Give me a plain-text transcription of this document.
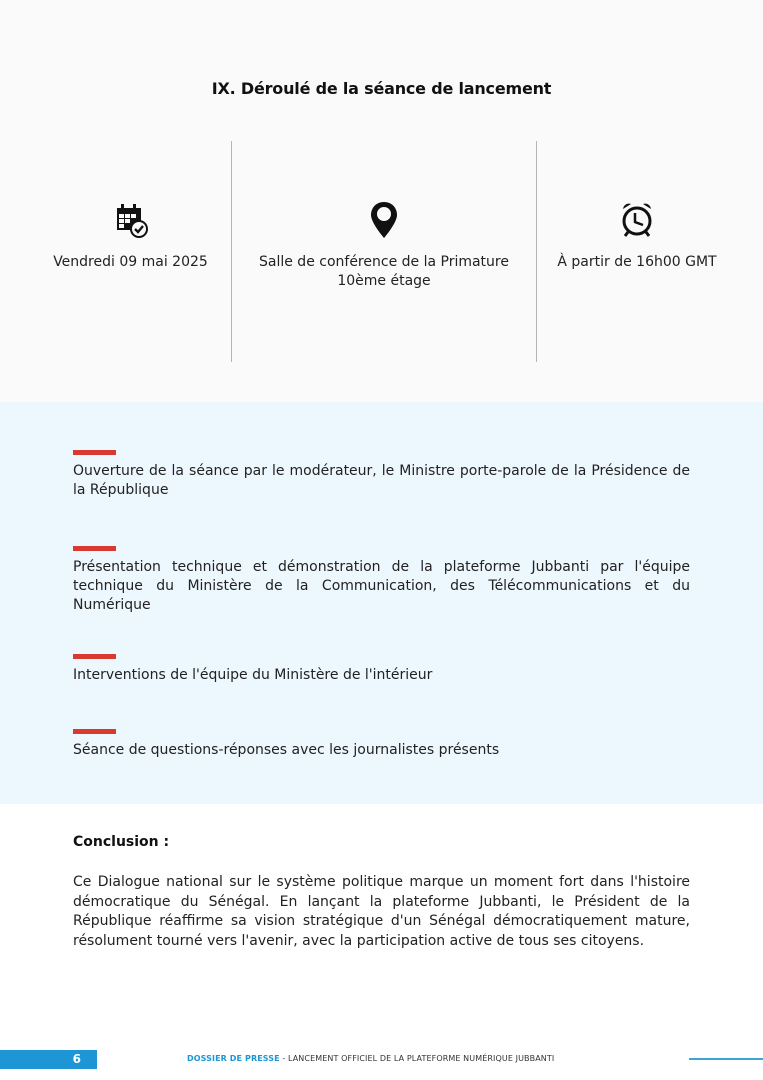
IX. Déroulé de la séance de lancement
Vendredi 09 mai 2025	Salle de conférence de la Primature
10ème étage
À partir de 16h00 GMT
Ouverture de la séance par le modérateur, le Ministre porte-parole de la Présidence de la République
Présentation technique et démonstration de la plateforme Jubbanti par l'équipe technique du Ministère de la Communication, des Télécommunications et du Numérique
Interventions de l'équipe du Ministère de l'intérieur
Séance de questions-réponses avec les journalistes présents
Conclusion :
Ce Dialogue national sur le système politique marque un moment fort dans l'histoire démocratique du Sénégal. En lançant la plateforme Jubbanti, le Président de la République réaffirme sa vision stratégique d'un Sénégal démocratiquement mature, résolument tourné vers l'avenir, avec la participation active de tous ses citoyens.
6	DOSSIER DE PRESSE - LANCEMENT OFFICIEL DE LA PLATEFORME NUMÉRIQUE JUBBANTI
